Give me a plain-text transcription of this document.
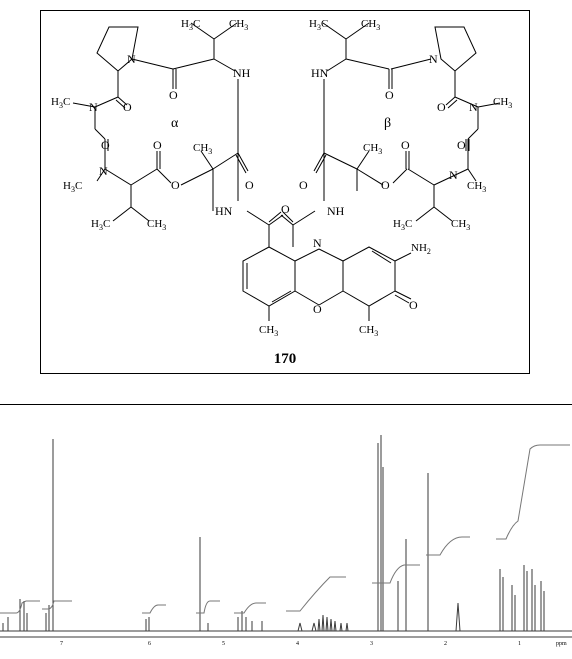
N
O
NH
$H_3C$	$CH_3$
O
N
$H_3C$
O
N
$H_3C$
$H_3C$	$CH_3$
O
O
$CH_3$
O
HN	O
α
N
O
HN
$H_3C$	$CH_3$
O N $CH_3$
O
N
$CH_3$
$H_3C$	$CH_3$
O
O
$CH_3$
O
NH
β
N
O
$NH_2$
O
$CH_3$	$CH_3$
170
7	6	5	4	3	2	1	ppm
